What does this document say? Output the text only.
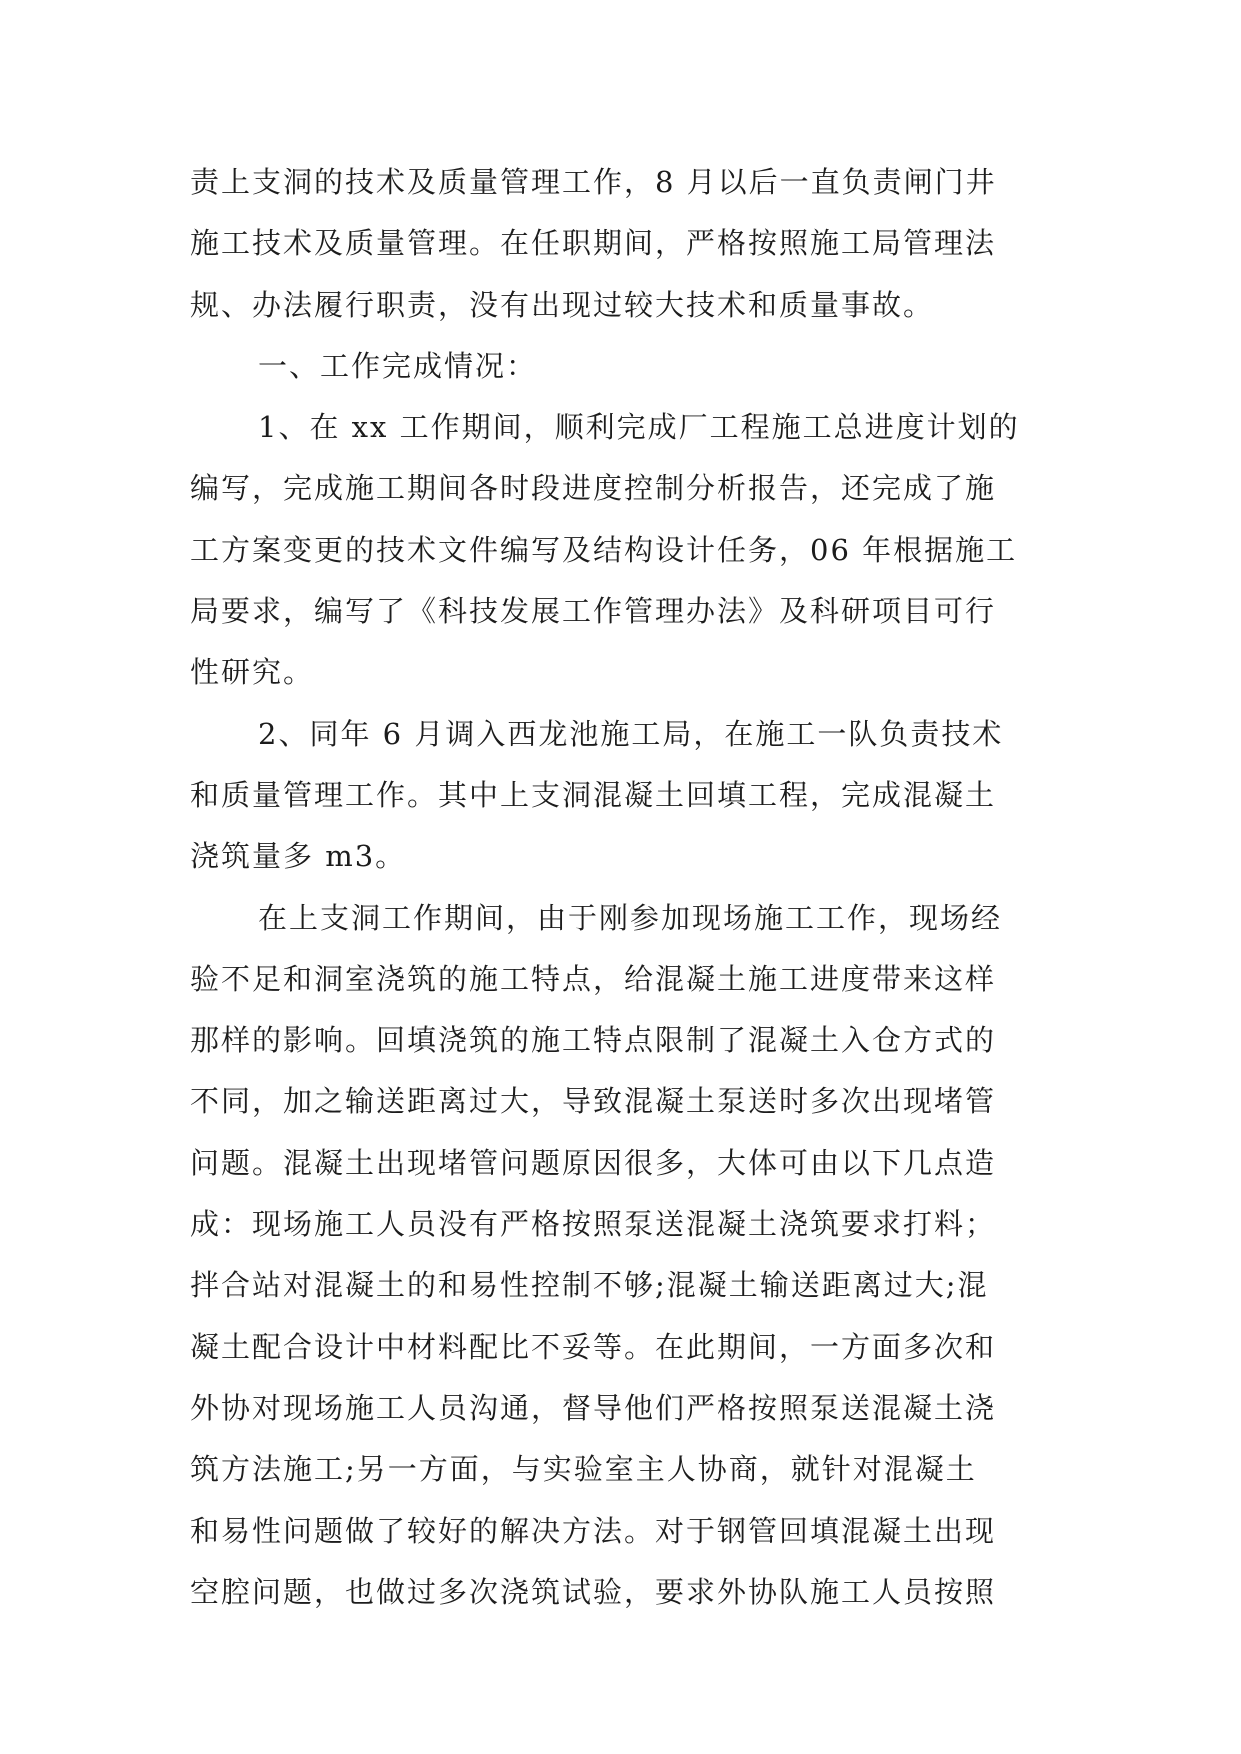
责上支洞的技术及质量管理工作，8 月以后一直负责闸门井
施工技术及质量管理。在任职期间，严格按照施工局管理法
规、办法履行职责，没有出现过较大技术和质量事故。
一、工作完成情况：
1、在 xx 工作期间，顺利完成厂工程施工总进度计划的
编写，完成施工期间各时段进度控制分析报告，还完成了施
工方案变更的技术文件编写及结构设计任务，06 年根据施工
局要求，编写了《科技发展工作管理办法》及科研项目可行
性研究。
2、同年 6 月调入西龙池施工局，在施工一队负责技术
和质量管理工作。其中上支洞混凝土回填工程，完成混凝土
浇筑量多 m3。
在上支洞工作期间，由于刚参加现场施工工作，现场经
验不足和洞室浇筑的施工特点，给混凝土施工进度带来这样
那样的影响。回填浇筑的施工特点限制了混凝土入仓方式的
不同，加之输送距离过大，导致混凝土泵送时多次出现堵管
问题。混凝土出现堵管问题原因很多，大体可由以下几点造
成：现场施工人员没有严格按照泵送混凝土浇筑要求打料；
拌合站对混凝土的和易性控制不够;混凝土输送距离过大;混
凝土配合设计中材料配比不妥等。在此期间，一方面多次和
外协对现场施工人员沟通，督导他们严格按照泵送混凝土浇
筑方法施工;另一方面，与实验室主人协商，就针对混凝土
和易性问题做了较好的解决方法。对于钢管回填混凝土出现
空腔问题，也做过多次浇筑试验，要求外协队施工人员按照
